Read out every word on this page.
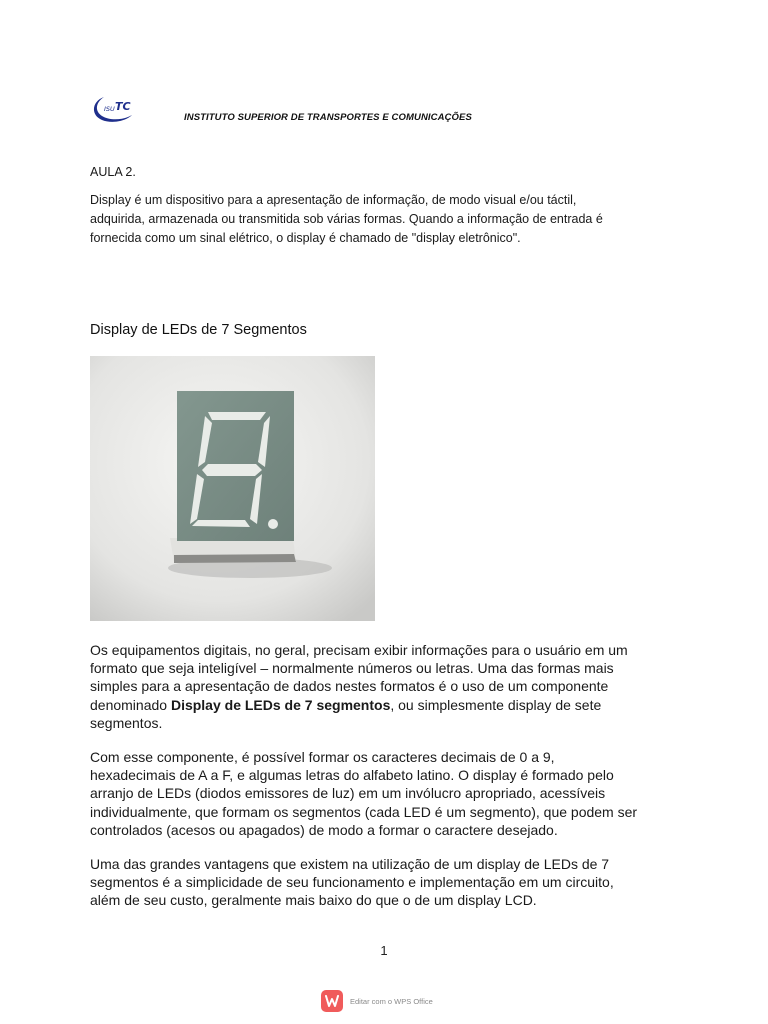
ISU TC
INSTITUTO SUPERIOR DE TRANSPORTES E COMUNICAÇÕES
AULA 2.
Display é um dispositivo para a apresentação de informação, de modo visual e/ou táctil,
adquirida, armazenada ou transmitida sob várias formas. Quando a informação de entrada é
fornecida como um sinal elétrico, o display é chamado de "display eletrônico".
Display de LEDs de 7 Segmentos
Os equipamentos digitais, no geral, precisam exibir informações para o usuário em um
formato que seja inteligível – normalmente números ou letras. Uma das formas mais
simples para a apresentação de dados nestes formatos é o uso de um componente
denominado Display de LEDs de 7 segmentos, ou simplesmente display de sete
segmentos.
Com esse componente, é possível formar os caracteres decimais de 0 a 9,
hexadecimais de A a F, e algumas letras do alfabeto latino. O display é formado pelo
arranjo de LEDs (diodos emissores de luz) em um invólucro apropriado, acessíveis
individualmente, que formam os segmentos (cada LED é um segmento), que podem ser
controlados (acesos ou apagados) de modo a formar o caractere desejado.
Uma das grandes vantagens que existem na utilização de um display de LEDs de 7
segmentos é a simplicidade de seu funcionamento e implementação em um circuito,
além de seu custo, geralmente mais baixo do que o de um display LCD.
1
Editar com o WPS Office
